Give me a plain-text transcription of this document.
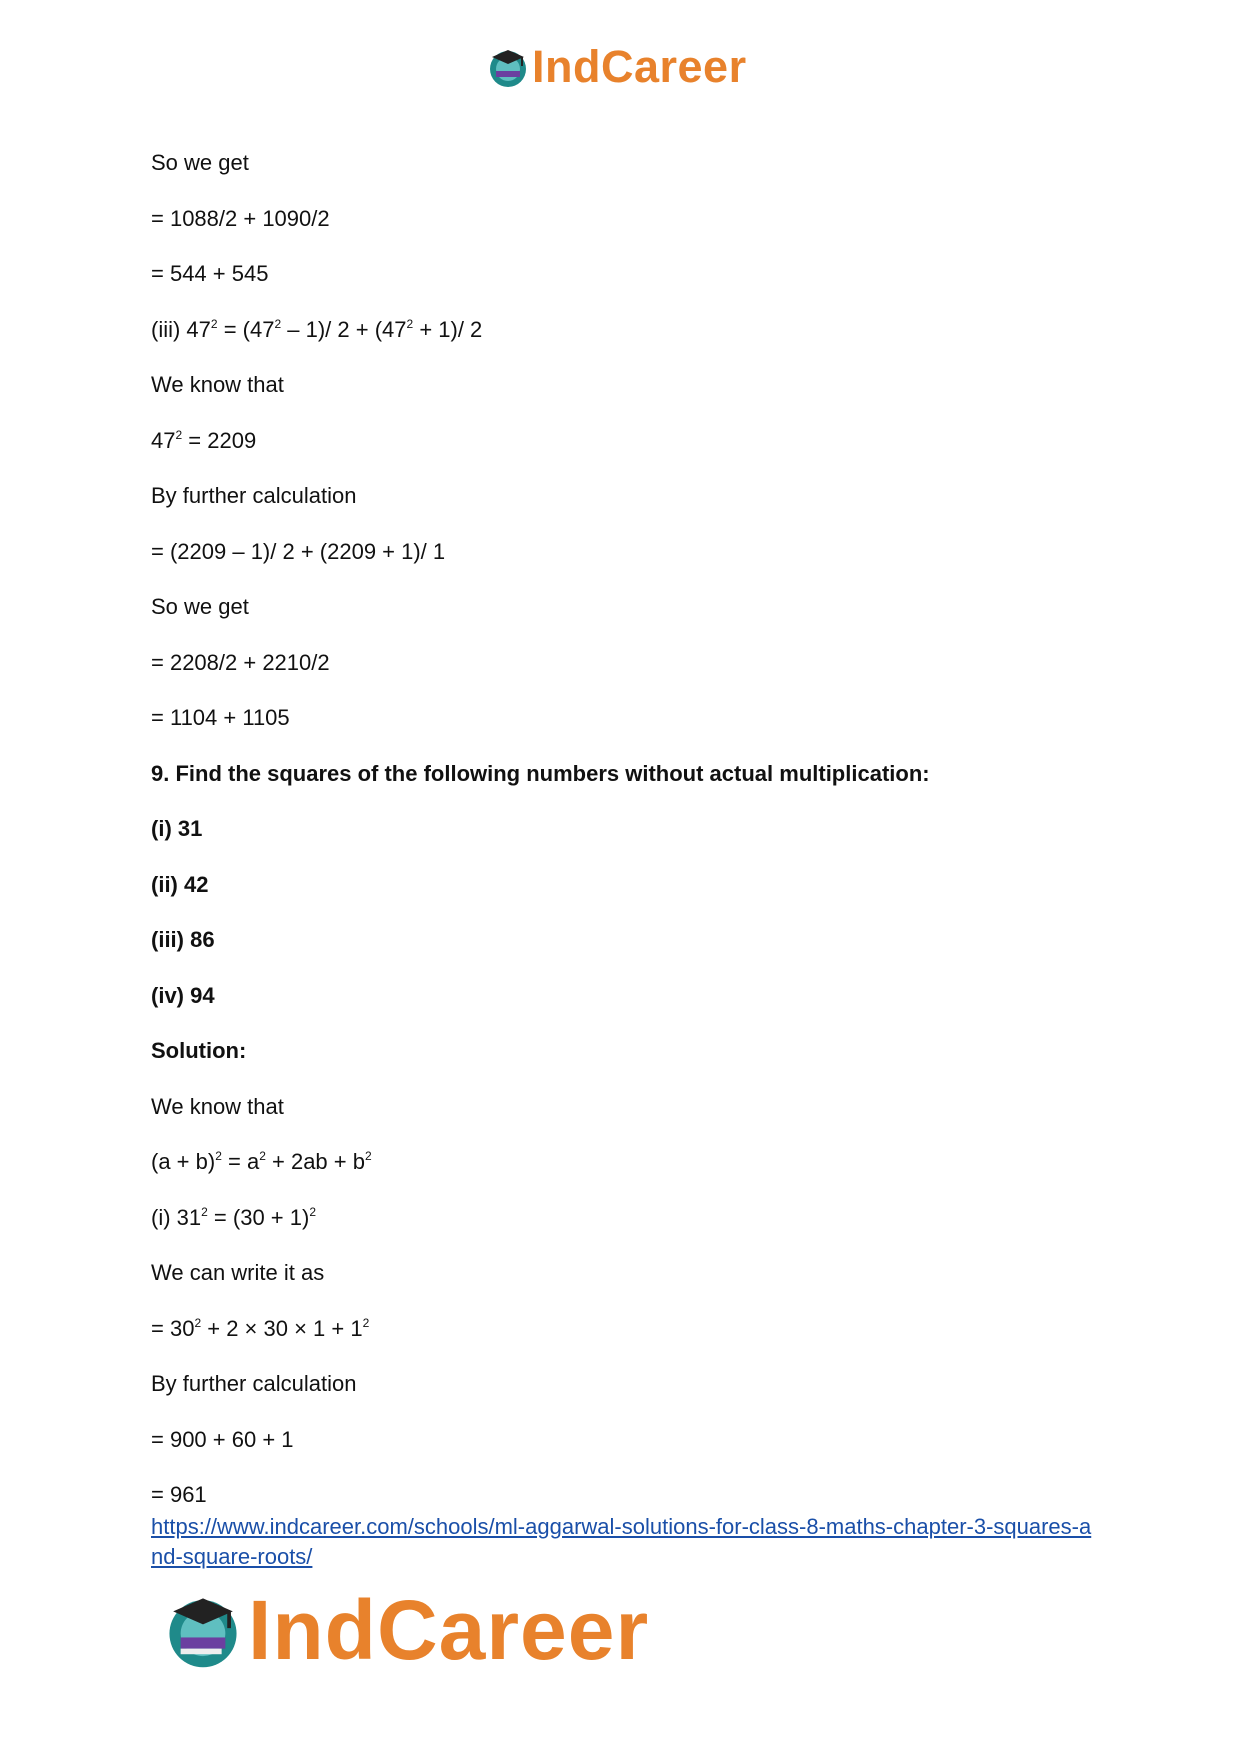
IndCareer

So we get

= 1088/2 + 1090/2

= 544 + 545

(iii) $47^2 = (47^2 - 1)/$ $2 + (47^2 + 1)/$ 2

We know that

$47^2 = 2209$

By further calculation

= (2209 – 1)/ 2 + (2209 + 1)/ 1

So we get

= 2208/2 + 2210/2

= 1104 + 1105

9. Find the squares of the following numbers without actual multiplication:

(i) 31

(ii) 42

(iii) 86

(iv) 94

Solution:

We know that

$(a + b)^2 = a^2 + 2ab + b^2$

(i) $31^2 = (30 + 1)^2$

We can write it as

= $30^2 + 2 \times 30 \times 1 + 1^2$

By further calculation

= 900 + 60 + 1

= 961

https://www.indcareer.com/schools/ml-aggarwal-solutions-for-class-8-maths-chapter-3-squares-and-square-roots/
IndCareer
